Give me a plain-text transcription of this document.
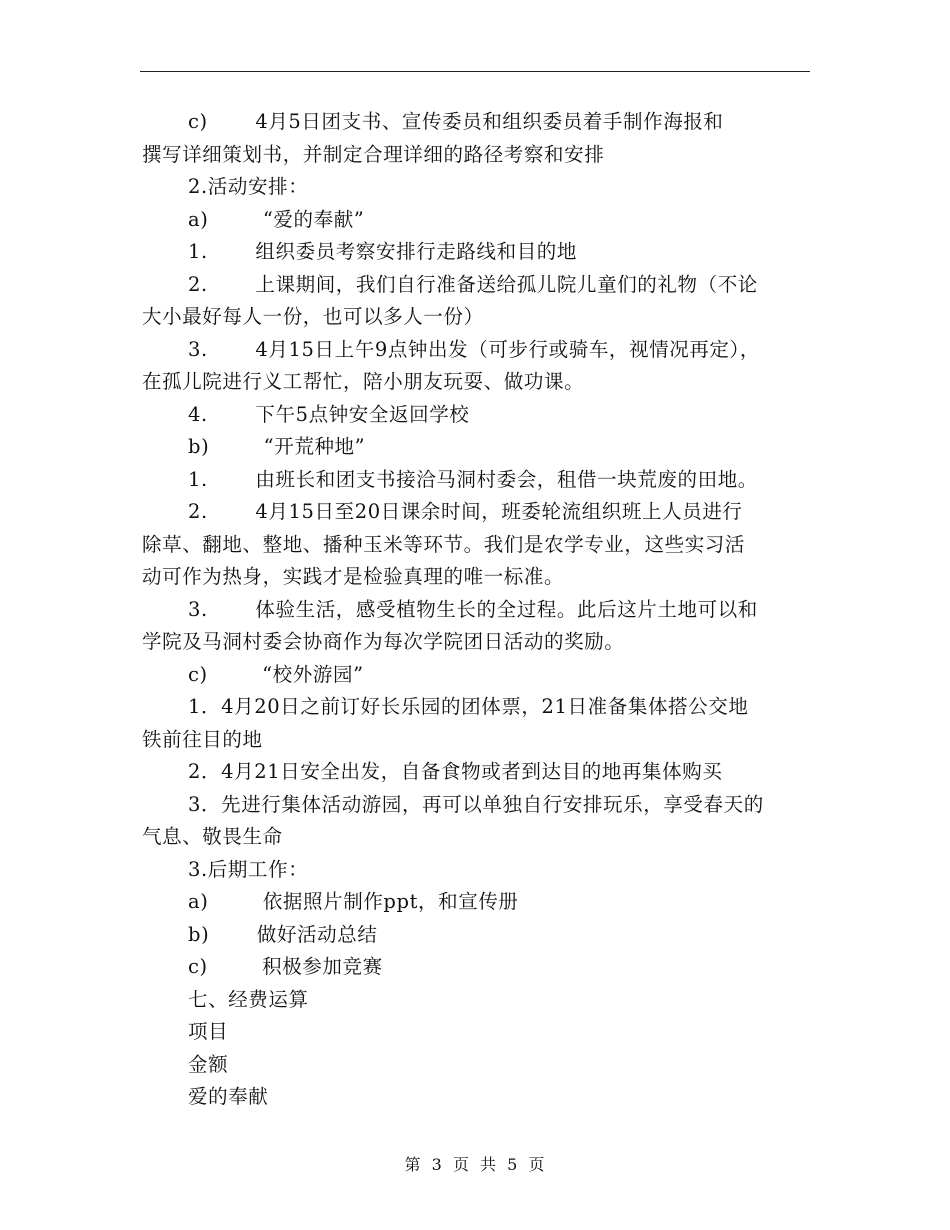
c)       4月5日团支书、宣传委员和组织委员着手制作海报和
撰写详细策划书，并制定合理详细的路径考察和安排
2.活动安排：
a)        “爱的奉献”
1.       组织委员考察安排行走路线和目的地
2.       上课期间，我们自行准备送给孤儿院儿童们的礼物（不论
大小最好每人一份，也可以多人一份）
3.       4月15日上午9点钟出发（可步行或骑车，视情况再定），
在孤儿院进行义工帮忙，陪小朋友玩耍、做功课。
4.       下午5点钟安全返回学校
b)        “开荒种地”
1.       由班长和团支书接洽马洞村委会，租借一块荒废的田地。
2.       4月15日至20日课余时间，班委轮流组织班上人员进行
除草、翻地、整地、播种玉米等环节。我们是农学专业，这些实习活
动可作为热身，实践才是检验真理的唯一标准。
3.       体验生活，感受植物生长的全过程。此后这片土地可以和
学院及马洞村委会协商作为每次学院团日活动的奖励。
c)        “校外游园”
1．4月20日之前订好长乐园的团体票，21日准备集体搭公交地
铁前往目的地
2．4月21日安全出发，自备食物或者到达目的地再集体购买
3．先进行集体活动游园，再可以单独自行安排玩乐，享受春天的
气息、敬畏生命
3.后期工作：
a)        依据照片制作ppt，和宣传册
b)       做好活动总结
c)        积极参加竞赛
七、经费运算
项目
金额
爱的奉献
第 3 页 共 5 页
